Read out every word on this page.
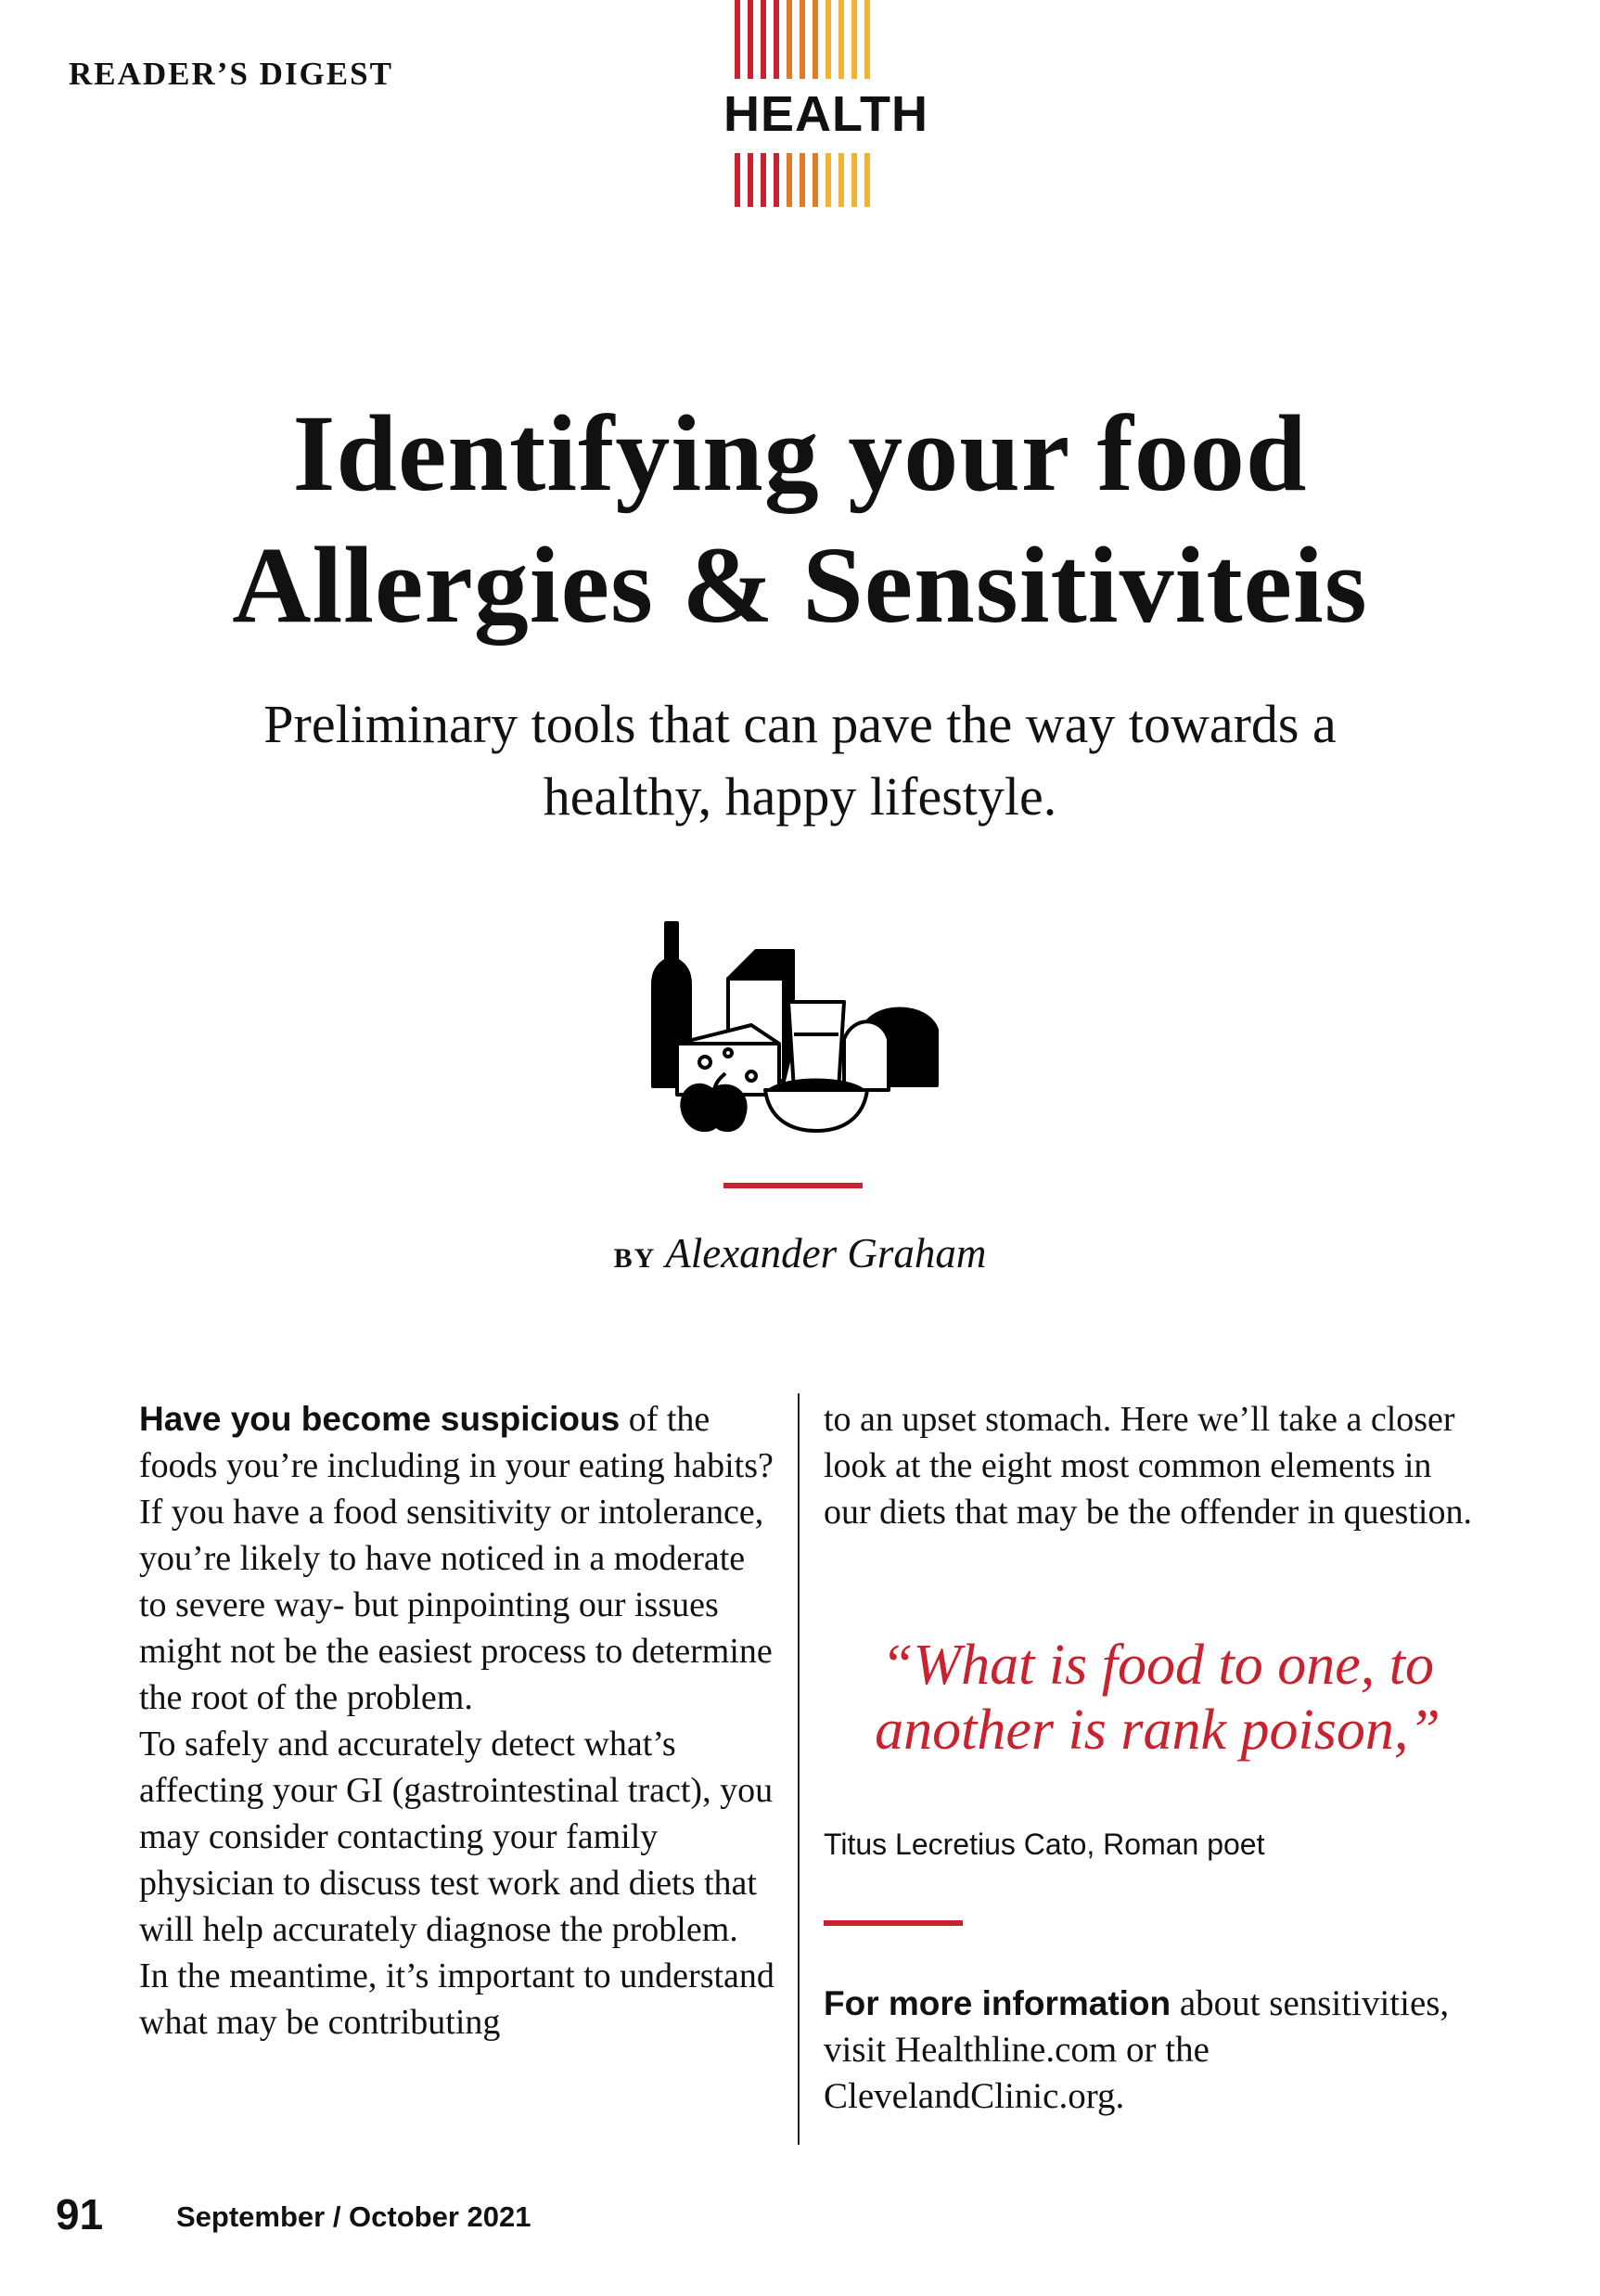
READER’S DIGEST
HEALTH
Identifying your food
Allergies & Sensitiviteis
Preliminary tools that can pave the way towards a
healthy, happy lifestyle.
BY Alexander Graham

Have you become suspicious of the foods you’re including in your eating habits? If you have a food sensitivity or intolerance, you’re likely to have noticed in a moderate to severe way- but pinpointing our issues might not be the easiest process to determine the root of the problem.

To safely and accurately detect what’s affecting your GI (gastrointestinal tract), you may consider contacting your family physician to discuss test work and diets that will help accurately diagnose the problem.

In the meantime, it’s important to understand what may be contributing

to an upset stomach. Here we’ll take a closer look at the eight most common elements in our diets that may be the offender in question.

“What is food to one, to another is rank poison,”
Titus Lecretius Cato, Roman poet
For more information about sensitivities, visit Healthline.com or the ClevelandClinic.org.
91	September / October 2021
